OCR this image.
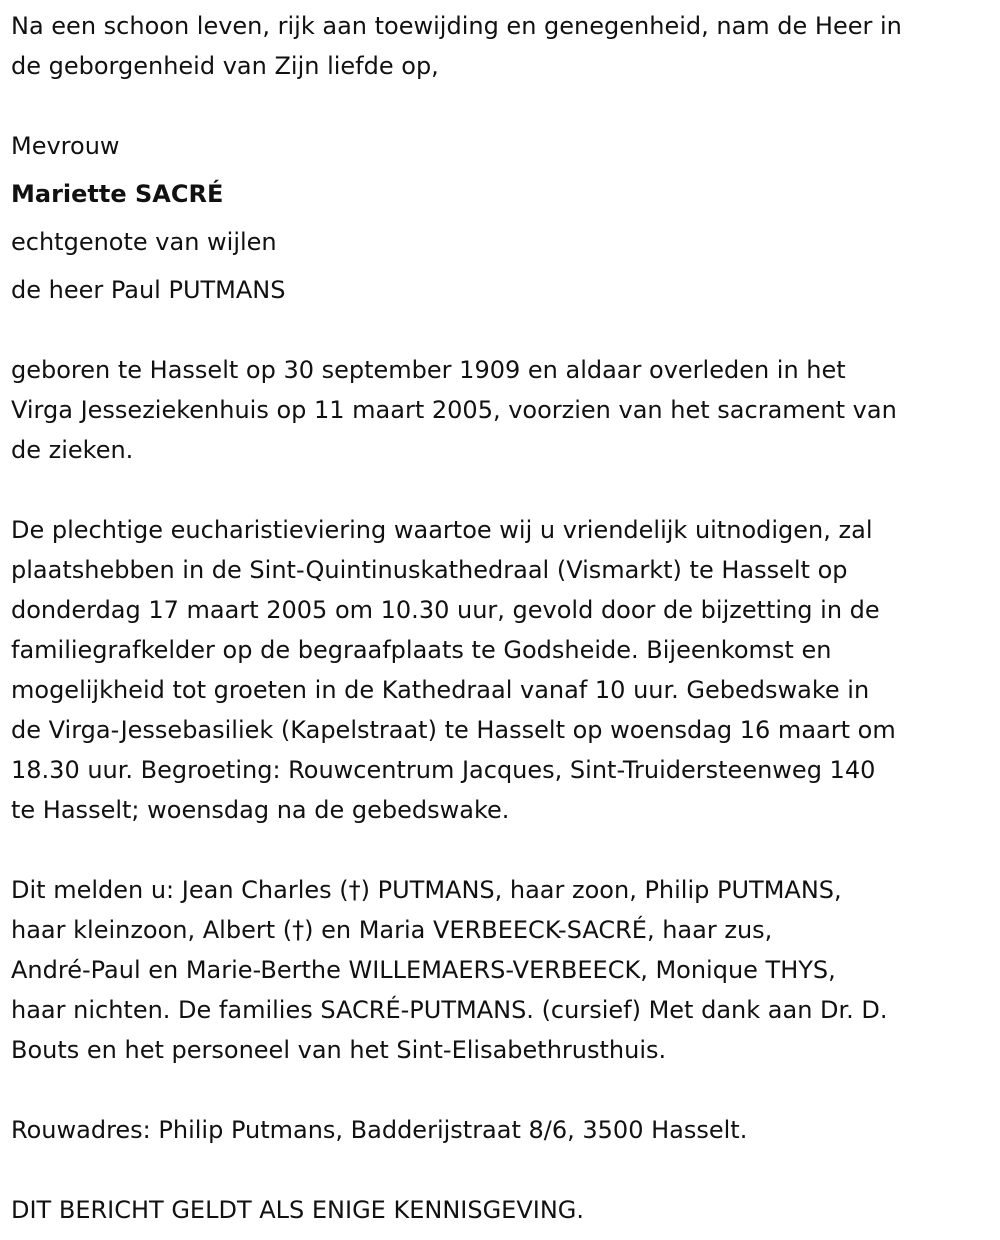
Na een schoon leven, rijk aan toewijding en genegenheid, nam de Heer in
de geborgenheid van Zijn liefde op,

Mevrouw

Mariette SACRÉ

echtgenote van wijlen

de heer Paul PUTMANS

geboren te Hasselt op 30 september 1909 en aldaar overleden in het
Virga Jesseziekenhuis op 11 maart 2005, voorzien van het sacrament van
de zieken.

De plechtige eucharistieviering waartoe wij u vriendelijk uitnodigen, zal
plaatshebben in de Sint-Quintinuskathedraal (Vismarkt) te Hasselt op
donderdag 17 maart 2005 om 10.30 uur, gevold door de bijzetting in de
familiegrafkelder op de begraafplaats te Godsheide. Bijeenkomst en
mogelijkheid tot groeten in de Kathedraal vanaf 10 uur. Gebedswake in
de Virga-Jessebasiliek (Kapelstraat) te Hasselt op woensdag 16 maart om
18.30 uur. Begroeting: Rouwcentrum Jacques, Sint-Truidersteenweg 140
te Hasselt; woensdag na de gebedswake.

Dit melden u: Jean Charles (†) PUTMANS, haar zoon, Philip PUTMANS,
haar kleinzoon, Albert (†) en Maria VERBEECK-SACRÉ, haar zus,
André-Paul en Marie-Berthe WILLEMAERS-VERBEECK, Monique THYS,
haar nichten. De families SACRÉ-PUTMANS. (cursief) Met dank aan Dr. D.
Bouts en het personeel van het Sint-Elisabethrusthuis.

Rouwadres: Philip Putmans, Badderijstraat 8/6, 3500 Hasselt.

DIT BERICHT GELDT ALS ENIGE KENNISGEVING.
